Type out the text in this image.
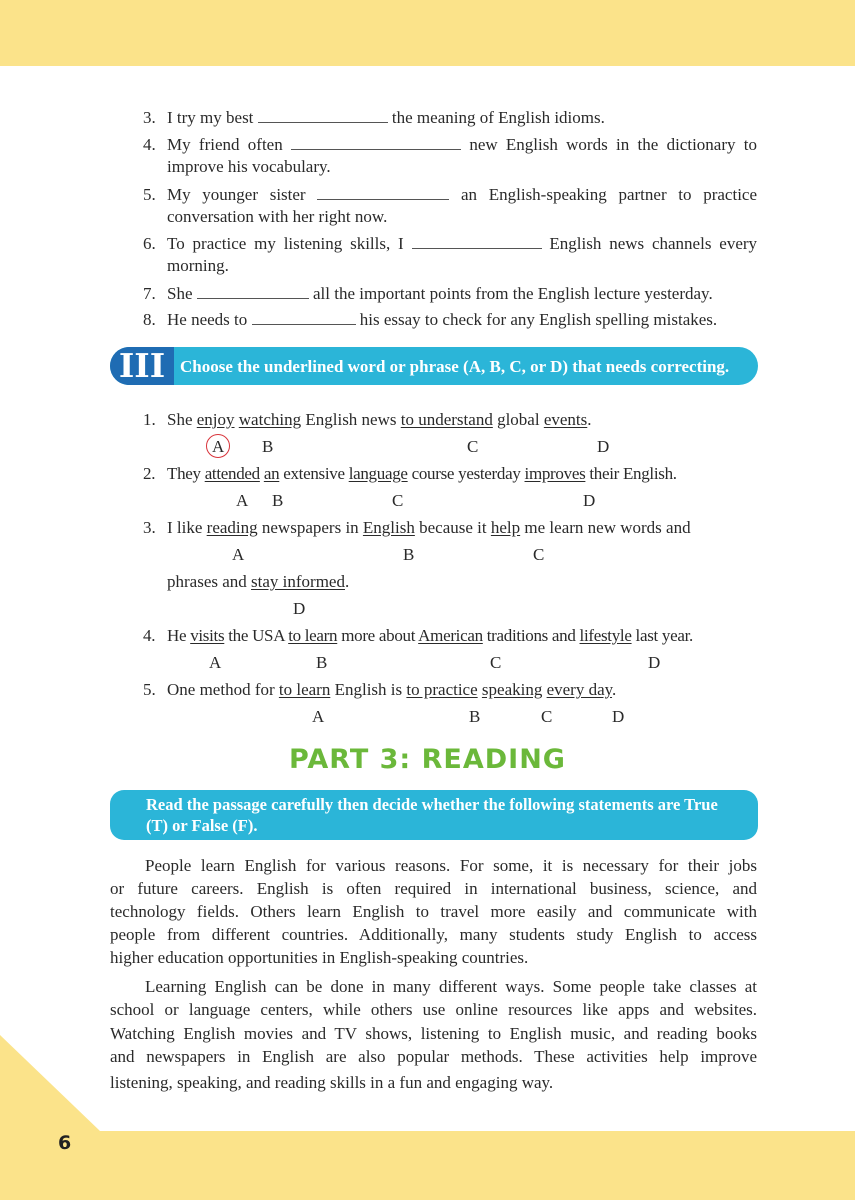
6
3. I try my best	the meaning of English idioms.
4. My friend often	new English words in the dictionary to
improve his vocabulary.
5. My younger sister	an English-speaking partner to practice
conversation with her right now.
6. To practice my listening skills, I	English news channels every
morning.
7. She	all the important points from the English lecture yesterday.
8. He needs to	his essay to check for any English spelling mistakes.
III Choose the underlined word or phrase (A, B, C, or D) that needs correcting.
1. She enjoy watching English news to understand global events.
A B	C	D
2. They attended an extensive language course yesterday improves their English.
A B	C	D
3. I like reading newspapers in English because it help me learn new words and
A	B	C
phrases and stay informed.
D
4. He visits the USA to learn more about American traditions and lifestyle last year.
A	B	C	D
5. One method for to learn English is to practice speaking every day.
A	B	C	D
PART 3: READING
Read the passage carefully then decide whether the following statements are True (T) or False (F).
People learn English for various reasons. For some, it is necessary for their jobs
or future careers. English is often required in international business, science, and
technology fields. Others learn English to travel more easily and communicate with
people from different countries. Additionally, many students study English to access
higher education opportunities in English-speaking countries.
Learning English can be done in many different ways. Some people take classes at
school or language centers, while others use online resources like apps and websites.
Watching English movies and TV shows, listening to English music, and reading books
and newspapers in English are also popular methods. These activities help improve
listening, speaking, and reading skills in a fun and engaging way.
